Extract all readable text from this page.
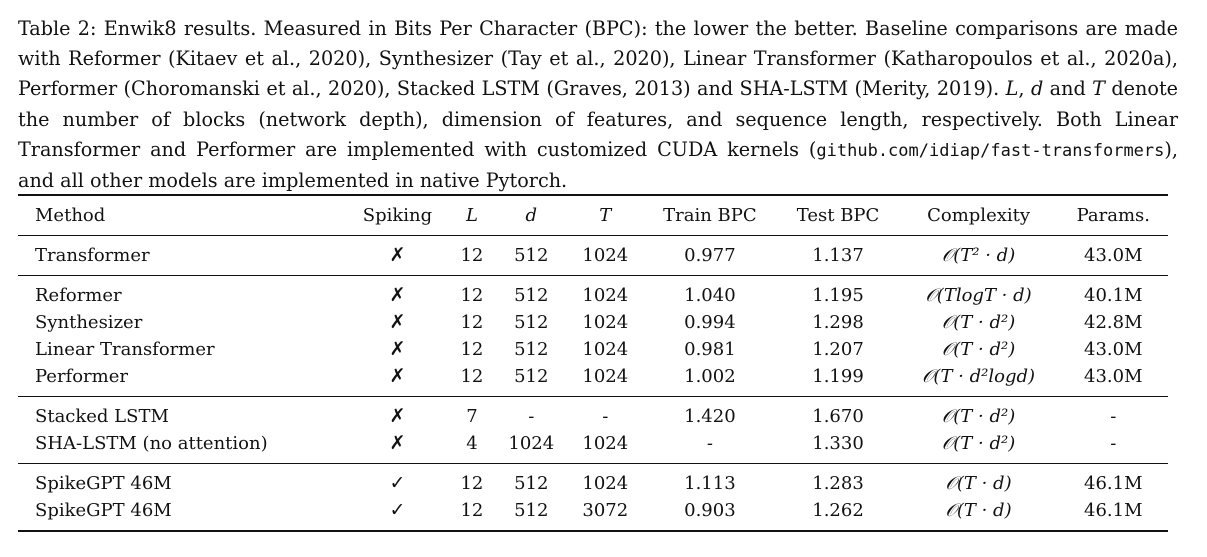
Table 2: Enwik8 results. Measured in Bits Per Character (BPC): the lower the better. Baseline comparisons are made with Reformer (Kitaev et al., 2020), Synthesizer (Tay et al., 2020), Linear Transformer (Katharopoulos et al., 2020a), Performer (Choromanski et al., 2020), Stacked LSTM (Graves, 2013) and SHA-LSTM (Merity, 2019). L, d and T denote the number of blocks (network depth), dimension of features, and sequence length, respectively. Both Linear Transformer and Performer are implemented with customized CUDA kernels (github.com/idiap/fast-transformers), and all other models are implemented in native Pytorch.

Method	Spiking	L	d	T	Train BPC	Test BPC	Complexity	Params.
Transformer	✗	12	512	1024	0.977	1.137	𝒪(T² · d)	43.0M
Reformer	✗	12	512	1024	1.040	1.195	𝒪(TlogT · d)	40.1M
Synthesizer	✗	12	512	1024	0.994	1.298	𝒪(T · d²)	42.8M
Linear Transformer	✗	12	512	1024	0.981	1.207	𝒪(T · d²)	43.0M
Performer	✗	12	512	1024	1.002	1.199	𝒪(T · d²logd)	43.0M
Stacked LSTM	✗	7	-	-	1.420	1.670	𝒪(T · d²)	-
SHA-LSTM (no attention)	✗	4	1024	1024	-	1.330	𝒪(T · d²)	-
SpikeGPT 46M	✓	12	512	1024	1.113	1.283	𝒪(T · d)	46.1M
SpikeGPT 46M	✓	12	512	3072	0.903	1.262	𝒪(T · d)	46.1M
